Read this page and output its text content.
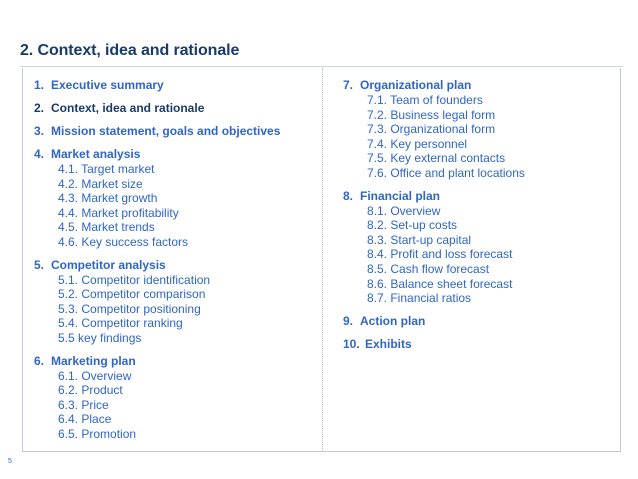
2. Context, idea and rationale
1. Executive summary
2. Context, idea and rationale
3. Mission statement, goals and objectives
4. Market analysis
4.1. Target market
4.2. Market size
4.3. Market growth
4.4. Market profitability
4.5. Market trends
4.6. Key success factors
5. Competitor analysis
5.1. Competitor identification
5.2. Competitor comparison
5.3. Competitor positioning
5.4. Competitor ranking
5.5 key findings
6. Marketing plan
6.1. Overview
6.2. Product
6.3. Price
6.4. Place
6.5. Promotion
7. Organizational plan
7.1. Team of founders
7.2. Business legal form
7.3. Organizational form
7.4. Key personnel
7.5. Key external contacts
7.6. Office and plant locations
8. Financial plan
8.1. Overview
8.2. Set-up costs
8.3. Start-up capital
8.4. Profit and loss forecast
8.5. Cash flow forecast
8.6. Balance sheet forecast
8.7. Financial ratios
9. Action plan
10. Exhibits
5
